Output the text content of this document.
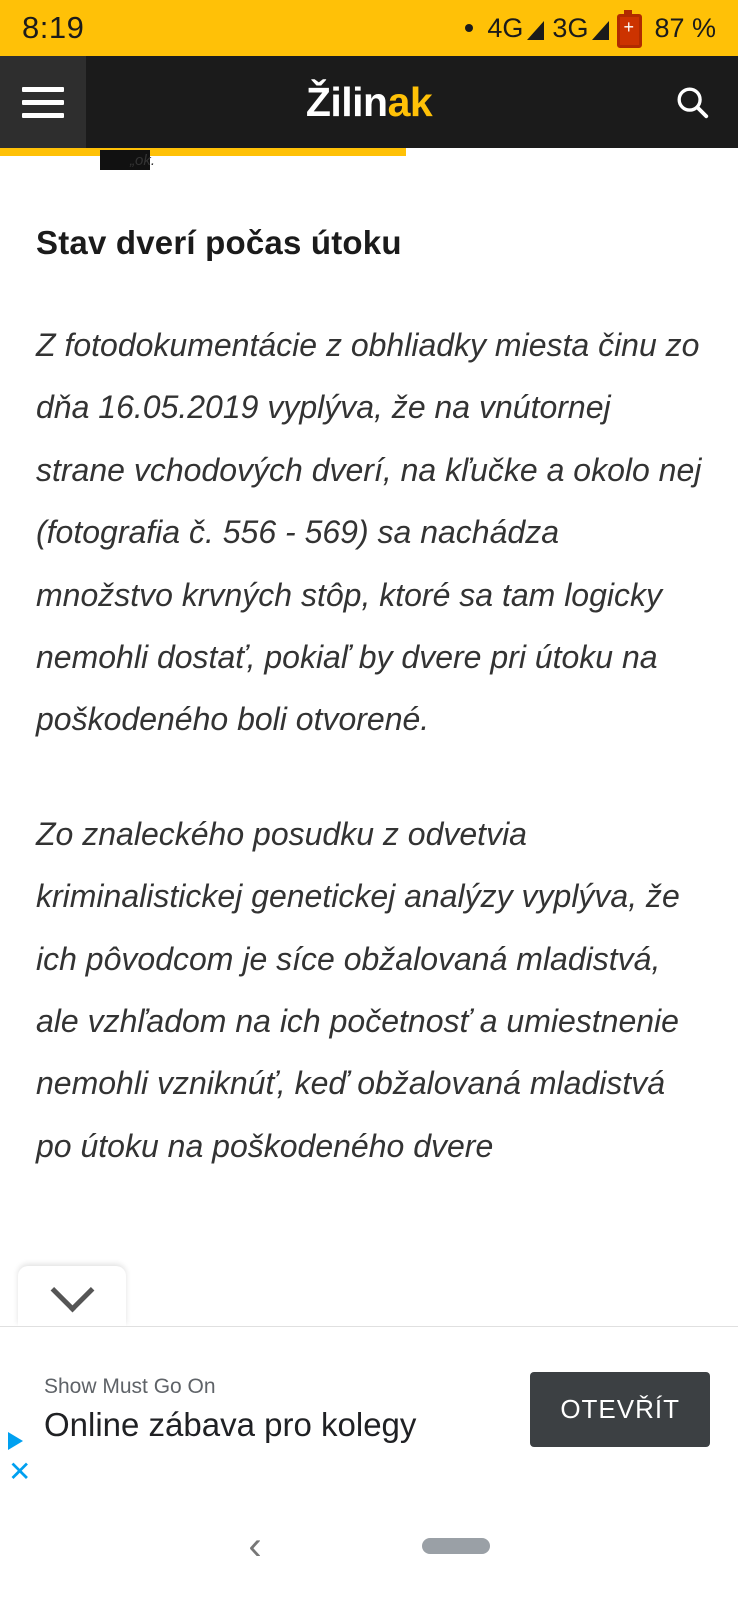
8:19	4G 3G + 87 %
Žilinak
„ok.
Stav dverí počas útoku

Z fotodokumentácie z obhliadky miesta činu zo dňa 16.05.2019 vyplýva, že na vnútornej strane vchodových dverí, na kľučke a okolo nej (fotografia č. 556 - 569) sa nachádza množstvo krvných stôp, ktoré sa tam logicky nemohli dostať, pokiaľ by dvere pri útoku na poškodeného boli otvorené.

Zo znaleckého posudku z odvetvia kriminalistickej genetickej analýzy vyplýva, že ich pôvodcom je síce obžalovaná mladistvá, ale vzhľadom na ich početnosť a umiestnenie nemohli vzniknúť, keď obžalovaná mladistvá po útoku na poškodeného dvere

Show Must Go On
Online zábava pro kolegy	OTEVŘÍT
✕
‹
